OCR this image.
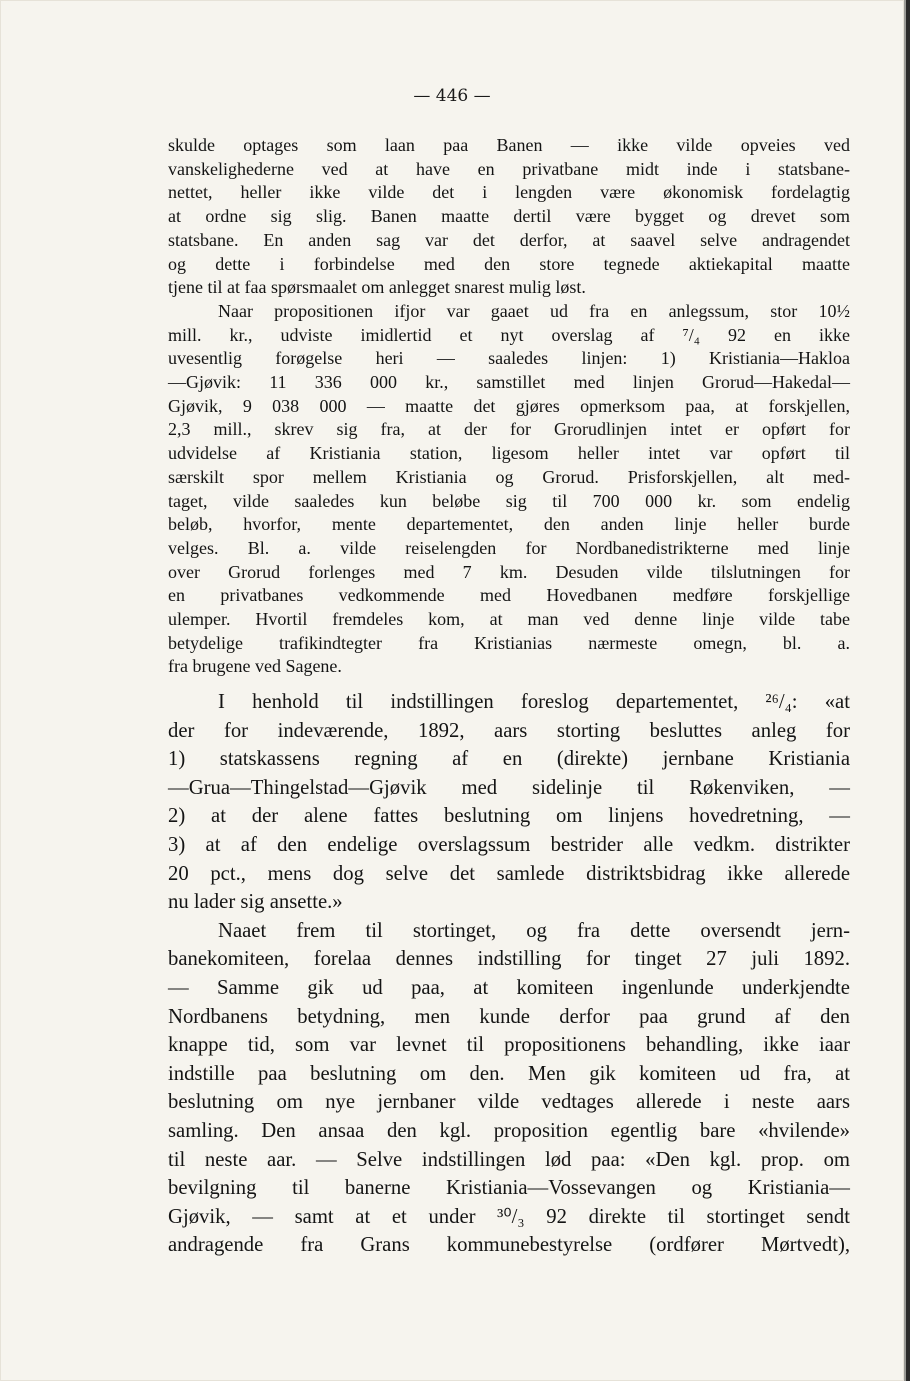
— 446 —
skulde optages som laan paa Banen — ikke vilde opveies ved
vanskelighederne ved at have en privatbane midt inde i statsbane-
nettet, heller ikke vilde det i lengden være økonomisk fordelagtig
at ordne sig slig. Banen maatte dertil være bygget og drevet som
statsbane. En anden sag var det derfor, at saavel selve andragendet
og dette i forbindelse med den store tegnede aktiekapital maatte
tjene til at faa spørsmaalet om anlegget snarest mulig løst.
Naar propositionen ifjor var gaaet ud fra en anlegssum, stor 10½
mill. kr., udviste imidlertid et nyt overslag af ⁷/₄ 92 en ikke
uvesentlig forøgelse heri — saaledes linjen: 1) Kristiania—Hakloa
—Gjøvik: 11 336 000 kr., samstillet med linjen Grorud—Hakedal—
Gjøvik, 9 038 000 — maatte det gjøres opmerksom paa, at forskjellen,
2,3 mill., skrev sig fra, at der for Grorudlinjen intet er opført for
udvidelse af Kristiania station, ligesom heller intet var opført til
særskilt spor mellem Kristiania og Grorud. Prisforskjellen, alt med-
taget, vilde saaledes kun beløbe sig til 700 000 kr. som endelig
beløb, hvorfor, mente departementet, den anden linje heller burde
velges. Bl. a. vilde reiselengden for Nordbanedistrikterne med linje
over Grorud forlenges med 7 km. Desuden vilde tilslutningen for
en privatbanes vedkommende med Hovedbanen medføre forskjellige
ulemper. Hvortil fremdeles kom, at man ved denne linje vilde tabe
betydelige trafikindtegter fra Kristianias nærmeste omegn, bl. a.
fra brugene ved Sagene.
I henhold til indstillingen foreslog departementet, ²⁶/₄: «at
der for indeværende, 1892, aars storting besluttes anleg for
1) statskassens regning af en (direkte) jernbane Kristiania
—Grua—Thingelstad—Gjøvik med sidelinje til Røkenviken, —
2) at der alene fattes beslutning om linjens hovedretning, —
3) at af den endelige overslagssum bestrider alle vedkm. distrikter
20 pct., mens dog selve det samlede distriktsbidrag ikke allerede
nu lader sig ansette.»
Naaet frem til stortinget, og fra dette oversendt jern-
banekomiteen, forelaa dennes indstilling for tinget 27 juli 1892.
— Samme gik ud paa, at komiteen ingenlunde underkjendte
Nordbanens betydning, men kunde derfor paa grund af den
knappe tid, som var levnet til propositionens behandling, ikke iaar
indstille paa beslutning om den. Men gik komiteen ud fra, at
beslutning om nye jernbaner vilde vedtages allerede i neste aars
samling. Den ansaa den kgl. proposition egentlig bare «hvilende»
til neste aar. — Selve indstillingen lød paa: «Den kgl. prop. om
bevilgning til banerne Kristiania—Vossevangen og Kristiania—
Gjøvik, — samt at et under ³⁰/₃ 92 direkte til stortinget sendt
andragende fra Grans kommunebestyrelse (ordfører Mørtvedt),
